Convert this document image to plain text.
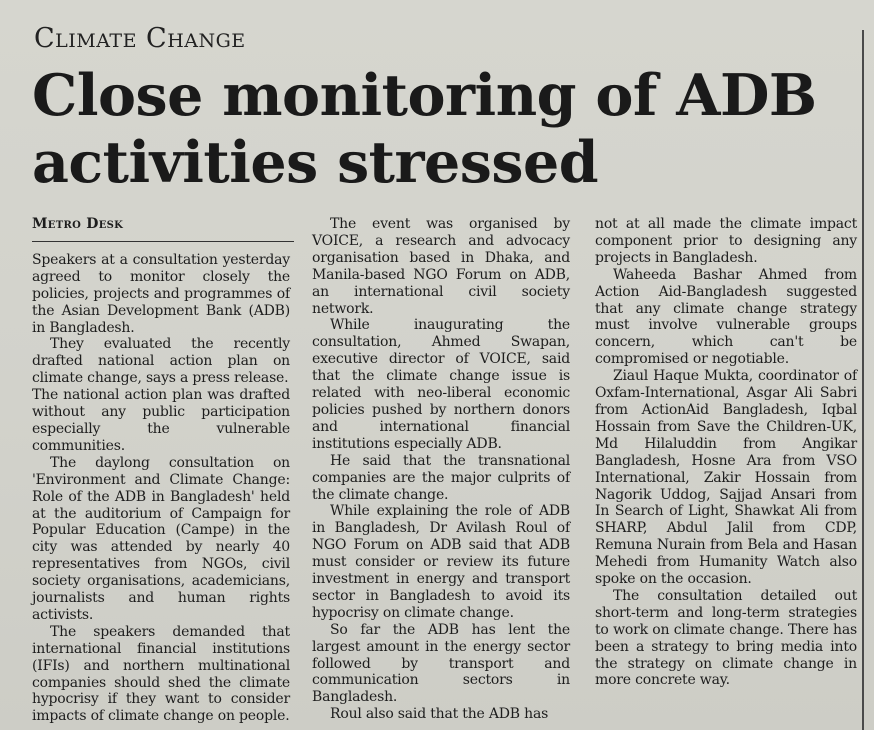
Climate Change
Close monitoring of ADB
activities stressed
Metro Desk

Speakers at a consultation yesterday agreed to monitor closely the policies, projects and programmes of the Asian Development Bank (ADB) in Bangladesh.

They evaluated the recently drafted national action plan on climate change, says a press release.

The national action plan was drafted without any public participation especially the vulnerable communities.

The daylong consultation on 'Environment and Climate Change: Role of the ADB in Bangladesh' held at the auditorium of Campaign for Popular Education (Campe) in the city was attended by nearly 40 representatives from NGOs, civil society organisations, academicians, journalists and human rights activists.

The speakers demanded that international financial institutions (IFIs) and northern multinational companies should shed the climate hypocrisy if they want to consider impacts of climate change on people.

The event was organised by VOICE, a research and advocacy organisation based in Dhaka, and Manila-based NGO Forum on ADB, an international civil society network.

While inaugurating the consultation, Ahmed Swapan, executive director of VOICE, said that the climate change issue is related with neo-liberal economic policies pushed by northern donors and international financial institutions especially ADB.

He said that the transnational companies are the major culprits of the climate change.

While explaining the role of ADB in Bangladesh, Dr Avilash Roul of NGO Forum on ADB said that ADB must consider or review its future investment in energy and transport sector in Bangladesh to avoid its hypocrisy on climate change.

So far the ADB has lent the largest amount in the energy sector followed by transport and communication sectors in Bangladesh.

Roul also said that the ADB has

not at all made the climate impact component prior to designing any projects in Bangladesh.

Waheeda Bashar Ahmed from Action Aid-Bangladesh suggested that any climate change strategy must involve vulnerable groups concern, which can't be compromised or negotiable.

Ziaul Haque Mukta, coordinator of Oxfam-International, Asgar Ali Sabri from ActionAid Bangladesh, Iqbal Hossain from Save the Children-UK, Md Hilaluddin from Angikar Bangladesh, Hosne Ara from VSO International, Zakir Hossain from Nagorik Uddog, Sajjad Ansari from In Search of Light, Shawkat Ali from SHARP, Abdul Jalil from CDP, Remuna Nurain from Bela and Hasan Mehedi from Humanity Watch also spoke on the occasion.

The consultation detailed out short-term and long-term strategies to work on climate change. There has been a strategy to bring media into the strategy on climate change in more concrete way.
